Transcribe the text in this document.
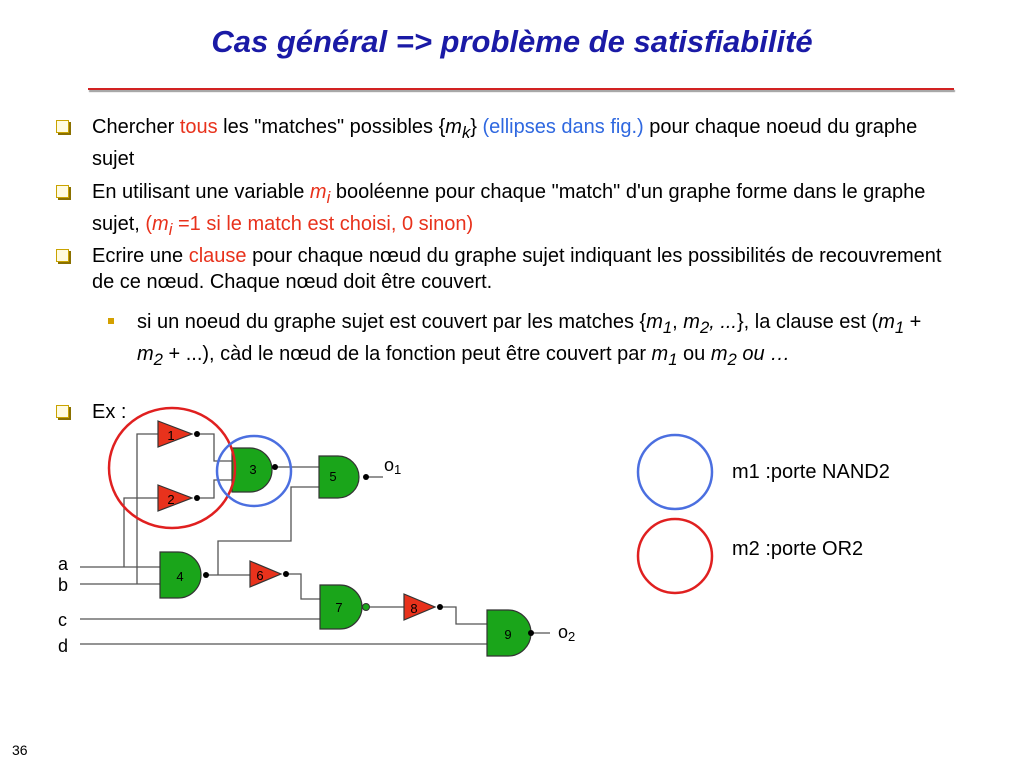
Cas général => problème de satisfiabilité
Chercher tous les "matches" possibles $\{m_k\}$ (ellipses dans fig.) pour chaque noeud du graphe sujet
En utilisant une variable $m_i$ booléenne pour chaque "match" d'un graphe forme dans le graphe sujet, ($m_i =1$ si le match est choisi, 0 sinon)
Ecrire une clause pour chaque nœud du graphe sujet indiquant les possibilités de recouvrement de ce nœud. Chaque nœud doit être couvert.
si un noeud du graphe sujet est couvert par les matches {$m_1$, $m_2$, ...}, la clause est ($m_1 + m_2$ + ...), càd le nœud de la fonction peut être couvert par $m_1$ ou $m_2$ ou …
Ex :
1
2
3
4
5
6
7	8
9
a
b
c
d
o1
o2
m1 :porte NAND2
m2 :porte OR2
36
